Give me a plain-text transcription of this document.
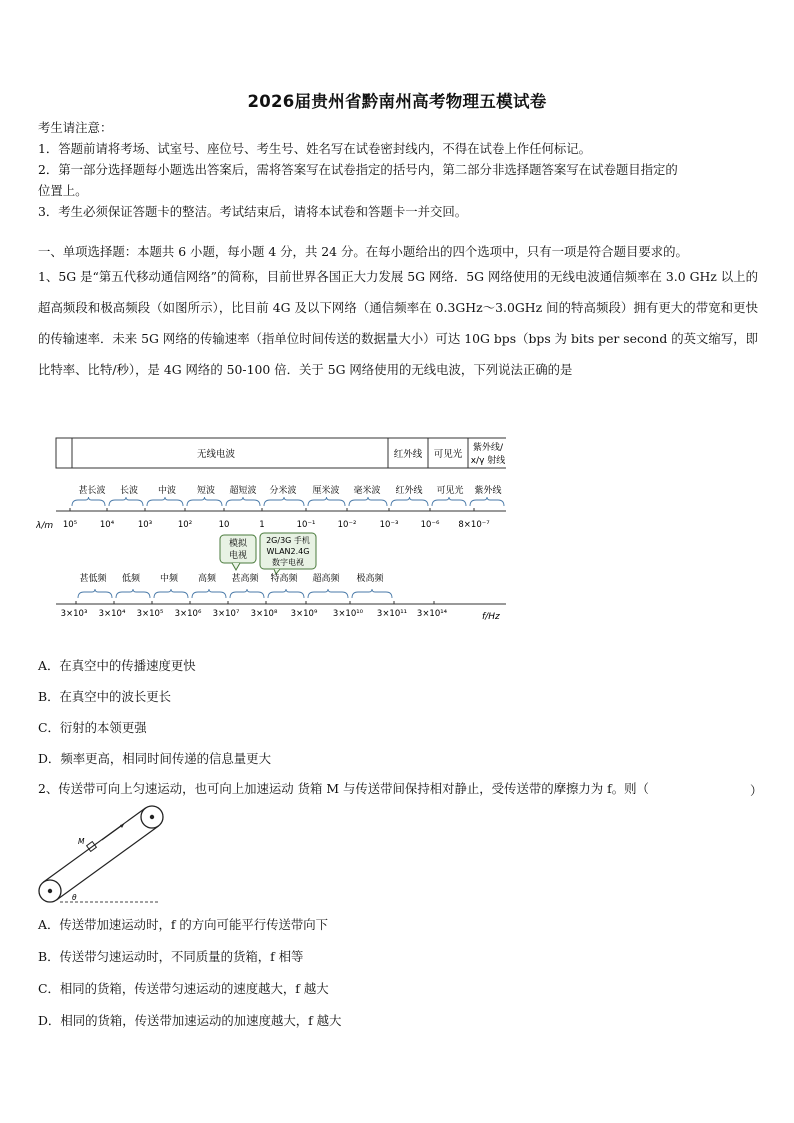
2026届贵州省黔南州高考物理五模试卷
考生请注意：
1．答题前请将考场、试室号、座位号、考生号、姓名写在试卷密封线内，不得在试卷上作任何标记。
2．第一部分选择题每小题选出答案后，需将答案写在试卷指定的括号内，第二部分非选择题答案写在试卷题目指定的
位置上。
3．考生必须保证答题卡的整洁。考试结束后，请将本试卷和答题卡一并交回。
一、单项选择题：本题共 6 小题，每小题 4 分，共 24 分。在每小题给出的四个选项中，只有一项是符合题目要求的。
1、5G 是“第五代移动通信网络”的简称，目前世界各国正大力发展 5G 网络．5G 网络使用的无线电波通信频率在 3.0 GHz 以上的超高频段和极高频段（如图所示），比目前 4G 及以下网络（通信频率在 0.3GHz～3.0GHz 间的特高频段）拥有更大的带宽和更快的传输速率．未来 5G 网络的传输速率（指单位时间传送的数据量大小）可达 10G bps（bps 为 bits per second 的英文缩写，即比特率、比特/秒），是 4G 网络的 50-100 倍．关于 5G 网络使用的无线电波，下列说法正确的是
无线电波	红外线 可见光
紫外线/
x/γ 射线
甚长波 长波 中波 短波 超短波 分米波 厘米波 毫米波 红外线 可见光 紫外线
λ/m 10⁵	10⁴	10³	10²	10	1	10⁻¹	10⁻²	10⁻³	10⁻⁶ 8×10⁻⁷
模拟
电视
2G/3G 手机
WLAN2.4G
数字电视
甚低频 低频 中频 高频 甚高频 特高频 超高频 极高频
f/Hz
3×10³ 3×10⁴ 3×10⁵ 3×10⁶ 3×10⁷ 3×10⁸ 3×10⁹ 3×10¹⁰ 3×10¹¹ 3×10¹⁴
A．在真空中的传播速度更快
B．在真空中的波长更长
C．衍射的本领更强
D．频率更高，相同时间传递的信息量更大
2、传送带可向上匀速运动，也可向上加速运动 货箱 M 与传送带间保持相对静止，受传送带的摩擦力为 f。则（	）
M
θ
A．传送带加速运动时，f 的方向可能平行传送带向下
B．传送带匀速运动时，不同质量的货箱，f 相等
C．相同的货箱，传送带匀速运动的速度越大，f 越大
D．相同的货箱，传送带加速运动的加速度越大，f 越大
